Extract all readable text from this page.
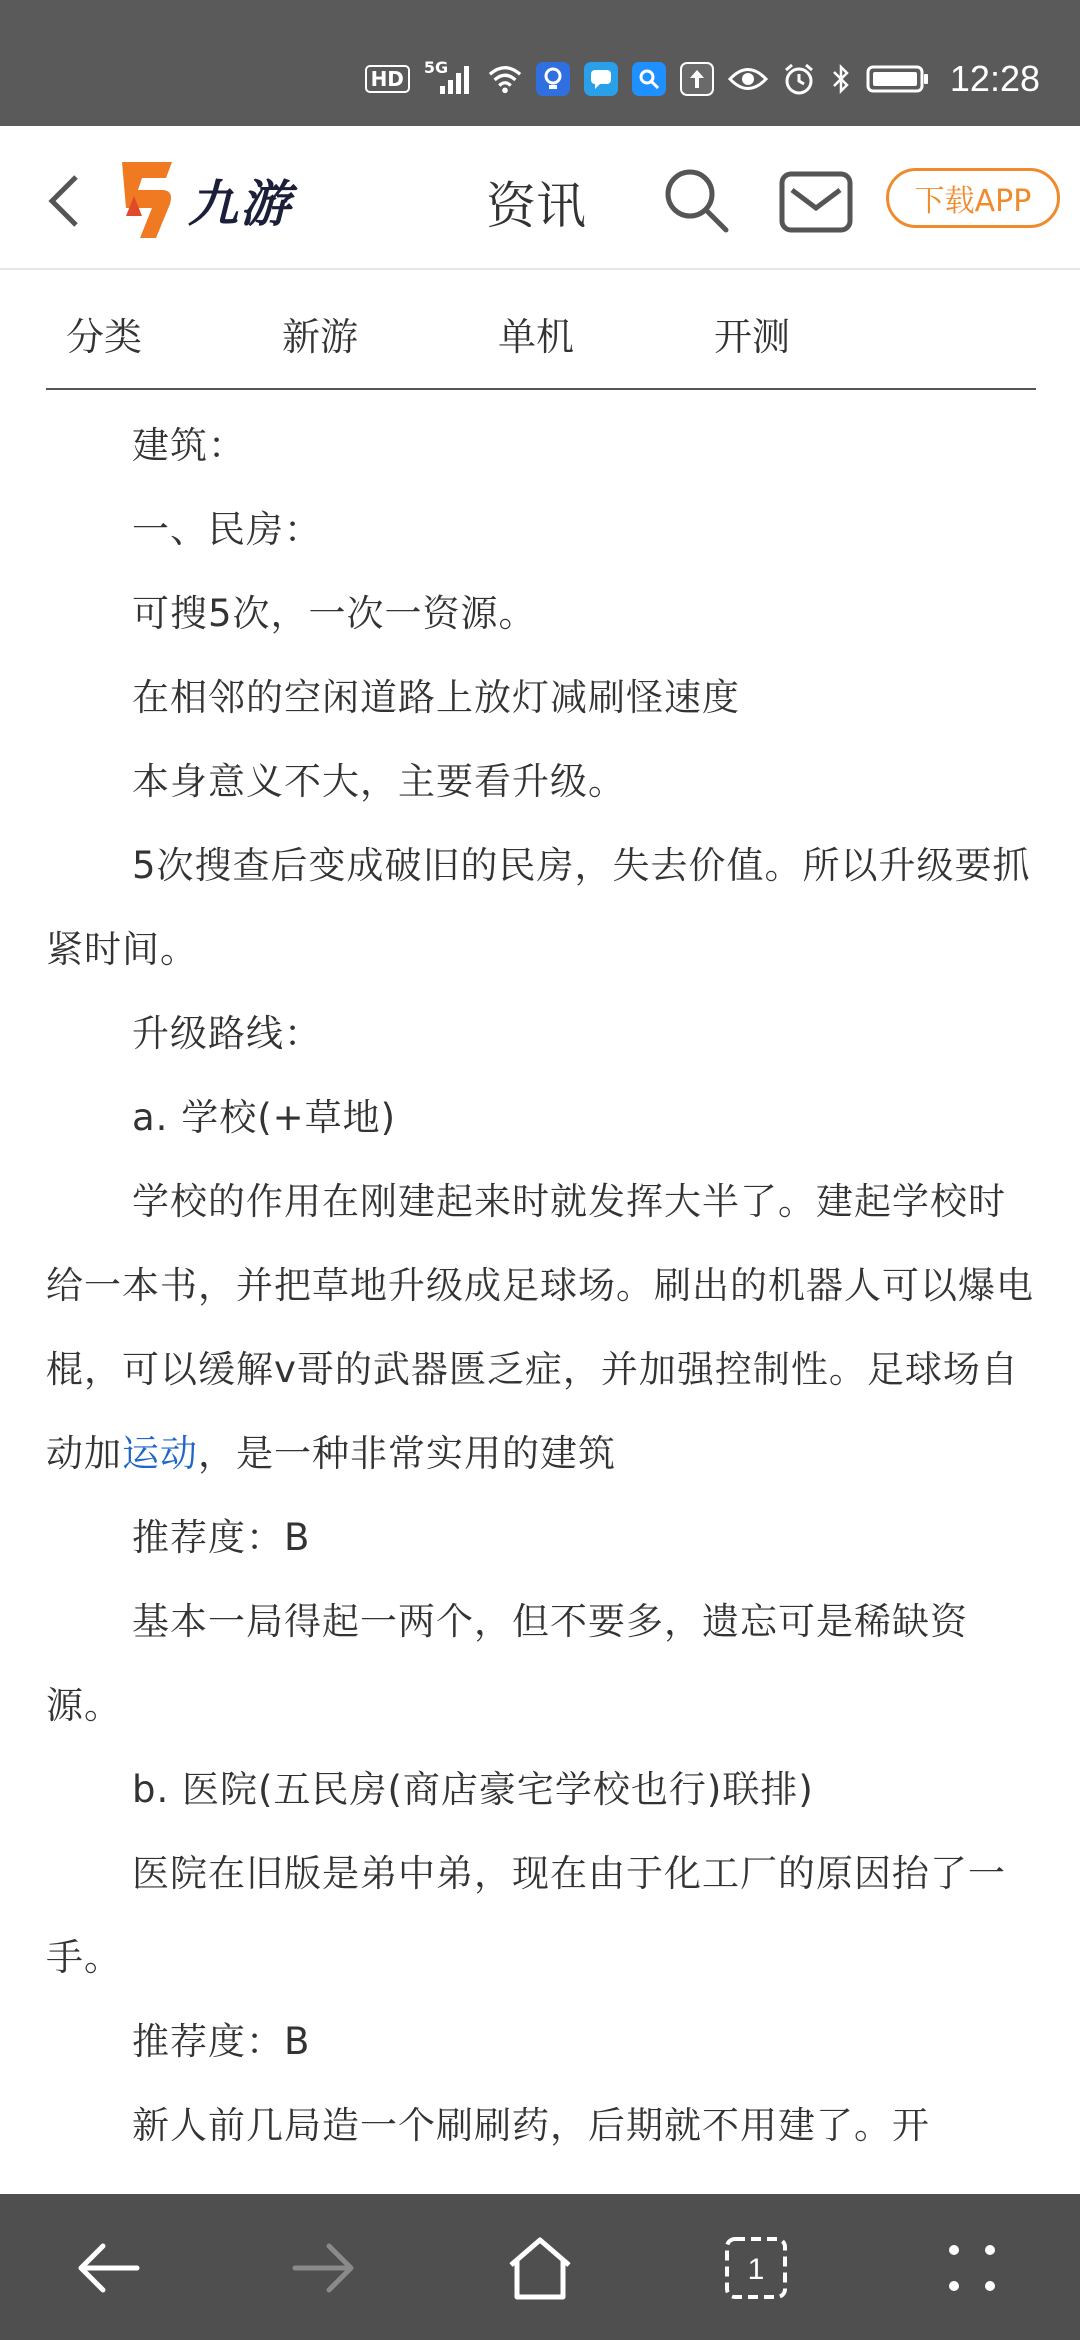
HD	5G	12:28
九游	资讯	下载APP
分类	新游	单机	开测

建筑：

一、民房：

可搜5次，一次一资源。

在相邻的空闲道路上放灯减刷怪速度

本身意义不大，主要看升级。

5次搜查后变成破旧的民房，失去价值。所以升级要抓紧时间。

升级路线：

a. 学校(+草地)

学校的作用在刚建起来时就发挥大半了。建起学校时给一本书，并把草地升级成足球场。刷出的机器人可以爆电棍，可以缓解v哥的武器匮乏症，并加强控制性。足球场自动加运动，是一种非常实用的建筑

推荐度：B

基本一局得起一两个，但不要多，遗忘可是稀缺资源。

b. 医院(五民房(商店豪宅学校也行)联排)

医院在旧版是弟中弟，现在由于化工厂的原因抬了一手。

推荐度：B

新人前几局造一个刷刷药，后期就不用建了。开

1
